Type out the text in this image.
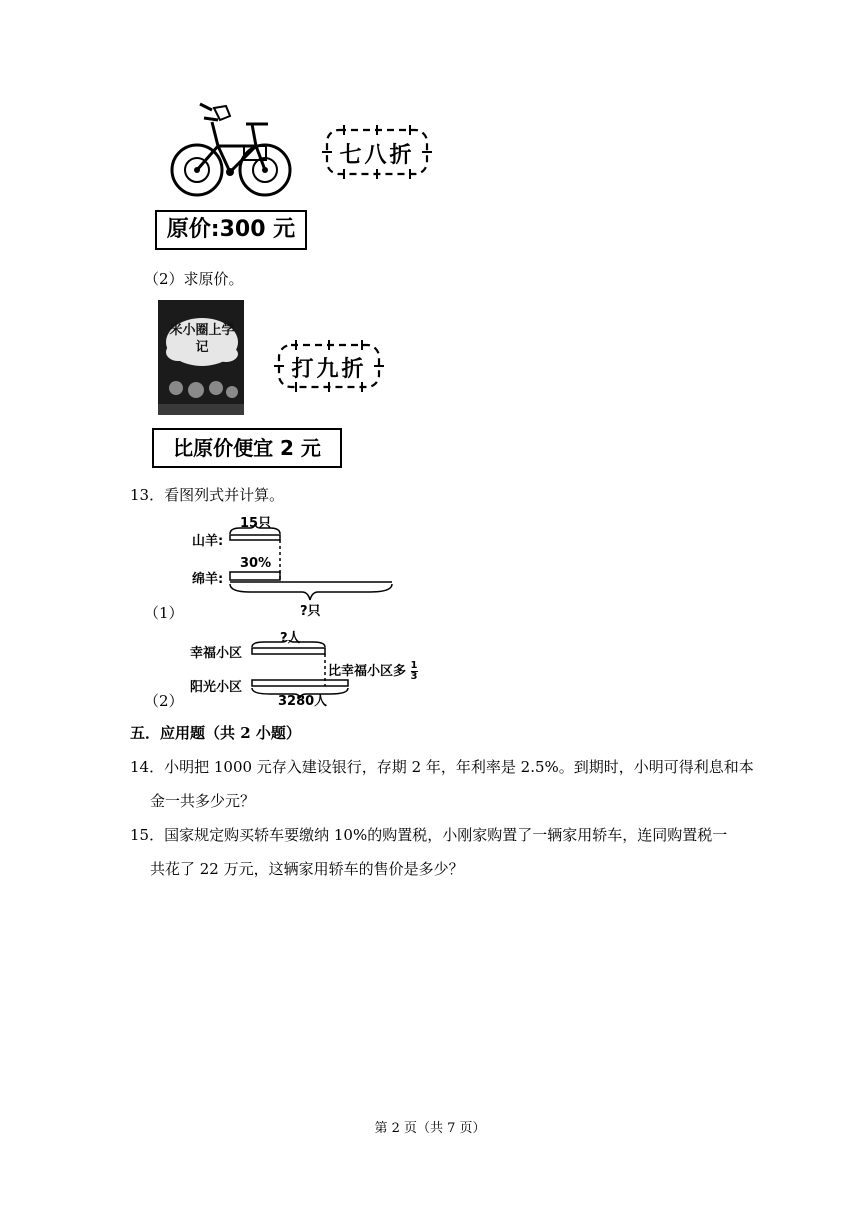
七八折
原价:300 元
（2）求原价。
米小圈上学记
打九折
比原价便宜 2 元
13．看图列式并计算。
15只
山羊:
30%
绵羊:
?只
（1）
?人
幸福小区
比幸福小区多 $\frac{1}{3}$
阳光小区
3280人
（2）
五．应用题（共 2 小题）
14．小明把 1000 元存入建设银行，存期 2 年，年利率是 2.5%。到期时，小明可得利息和本
金一共多少元？
15．国家规定购买轿车要缴纳 10%的购置税，小刚家购置了一辆家用轿车，连同购置税一
共花了 22 万元，这辆家用轿车的售价是多少？
第 2 页（共 7 页）
